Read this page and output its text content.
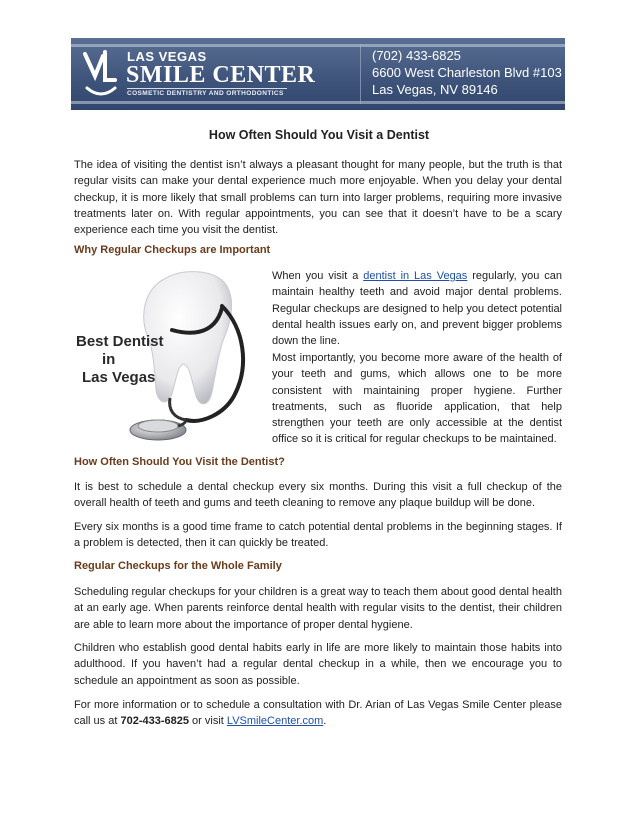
LAS VEGAS
SMILE CENTER
COSMETIC DENTISTRY AND ORTHODONTICS
(702) 433-6825
6600 West Charleston Blvd #103
Las Vegas, NV 89146
How Often Should You Visit a Dentist

The idea of visiting the dentist isn’t always a pleasant thought for many people, but the truth is that regular visits can make your dental experience much more enjoyable. When you delay your dental checkup, it is more likely that small problems can turn into larger problems, requiring more invasive treatments later on. With regular appointments, you can see that it doesn’t have to be a scary experience each time you visit the dentist.

Why Regular Checkups are Important
Best Dentist
in
Las Vegas

When you visit a dentist in Las Vegas regularly, you can maintain healthy teeth and avoid major dental problems. Regular checkups are designed to help you detect potential dental health issues early on, and prevent bigger problems down the line.

Most importantly, you become more aware of the health of your teeth and gums, which allows one to be more consistent with maintaining proper hygiene. Further treatments, such as fluoride application, that help strengthen your teeth are only accessible at the dentist office so it is critical for regular checkups to be maintained.

How Often Should You Visit the Dentist?

It is best to schedule a dental checkup every six months. During this visit a full checkup of the overall health of teeth and gums and teeth cleaning to remove any plaque buildup will be done.

Every six months is a good time frame to catch potential dental problems in the beginning stages. If a problem is detected, then it can quickly be treated.

Regular Checkups for the Whole Family

Scheduling regular checkups for your children is a great way to teach them about good dental health at an early age. When parents reinforce dental health with regular visits to the dentist, their children are able to learn more about the importance of proper dental hygiene.

Children who establish good dental habits early in life are more likely to maintain those habits into adulthood. If you haven’t had a regular dental checkup in a while, then we encourage you to schedule an appointment as soon as possible.

For more information or to schedule a consultation with Dr. Arian of Las Vegas Smile Center please call us at 702-433-6825 or visit LVSmileCenter.com.
